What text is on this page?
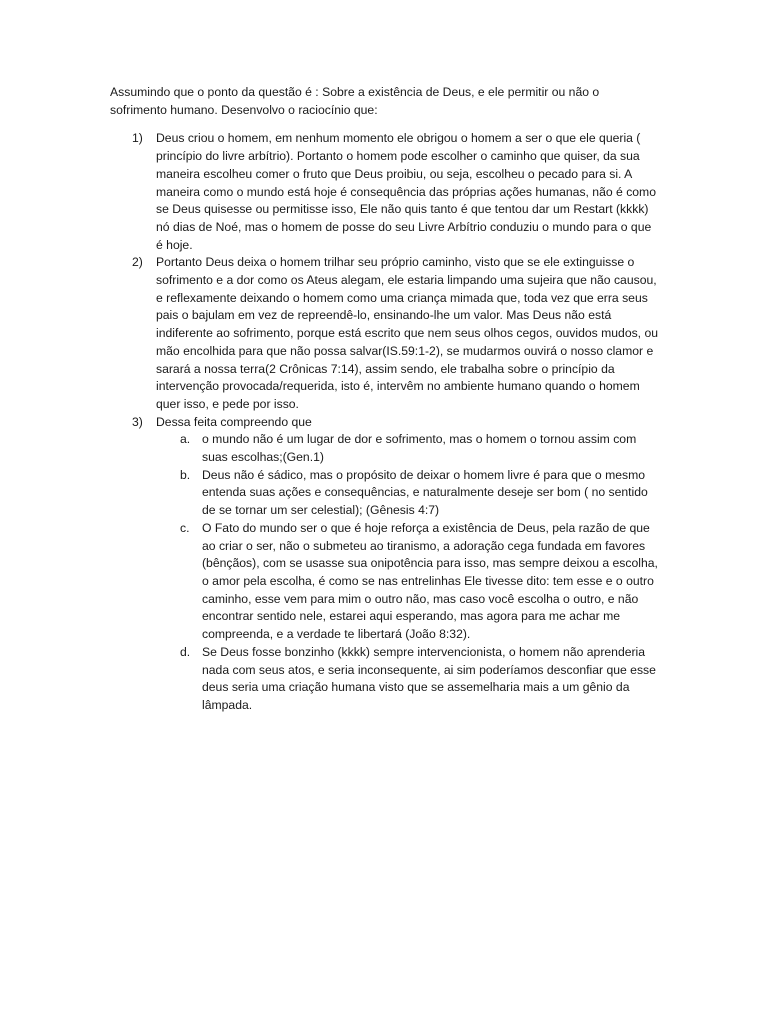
Assumindo que o ponto da questão é : Sobre a existência de Deus, e ele permitir ou não o sofrimento humano. Desenvolvo o raciocínio que:

1) Deus criou o homem, em nenhum momento ele obrigou o homem a ser o que ele queria ( princípio do livre arbítrio). Portanto o homem pode escolher o caminho que quiser, da sua maneira escolheu comer o fruto que Deus proibiu, ou seja, escolheu o pecado para si. A maneira como o mundo está hoje é consequência das próprias ações humanas, não é como se Deus quisesse ou permitisse isso, Ele não quis tanto é que tentou dar um Restart (kkkk) nó dias de Noé, mas o homem de posse do seu Livre Arbítrio conduziu o mundo para o que é hoje.

2) Portanto Deus deixa o homem trilhar seu próprio caminho, visto que se ele extinguisse o sofrimento e a dor como os Ateus alegam, ele estaria limpando uma sujeira que não causou, e reflexamente deixando o homem como uma criança mimada que, toda vez que erra seus pais o bajulam em vez de repreendê-lo, ensinando-lhe um valor. Mas Deus não está indiferente ao sofrimento, porque está escrito que nem seus olhos cegos, ouvidos mudos, ou mão encolhida para que não possa salvar(IS.59:1-2), se mudarmos ouvirá o nosso clamor e sarará a nossa terra(2 Crônicas 7:14), assim sendo, ele trabalha sobre o princípio da intervenção provocada/requerida, isto é, intervêm no ambiente humano quando o homem quer isso, e pede por isso.

3) Dessa feita compreendo que

a. o mundo não é um lugar de dor e sofrimento, mas o homem o tornou assim com suas escolhas;(Gen.1)

b. Deus não é sádico, mas o propósito de deixar o homem livre é para que o mesmo entenda suas ações e consequências, e naturalmente deseje ser bom ( no sentido de se tornar um ser celestial); (Gênesis 4:7)

c. O Fato do mundo ser o que é hoje reforça a existência de Deus, pela razão de que ao criar o ser, não o submeteu ao tiranismo, a adoração cega fundada em favores (bênçãos), com se usasse sua onipotência para isso, mas sempre deixou a escolha, o amor pela escolha, é como se nas entrelinhas Ele tivesse dito: tem esse e o outro caminho, esse vem para mim o outro não, mas caso você escolha o outro, e não encontrar sentido nele, estarei aqui esperando, mas agora para me achar me compreenda, e a verdade te libertará (João 8:32).

d. Se Deus fosse bonzinho (kkkk) sempre intervencionista, o homem não aprenderia nada com seus atos, e seria inconsequente, ai sim poderíamos desconfiar que esse deus seria uma criação humana visto que se assemelharia mais a um gênio da lâmpada.
